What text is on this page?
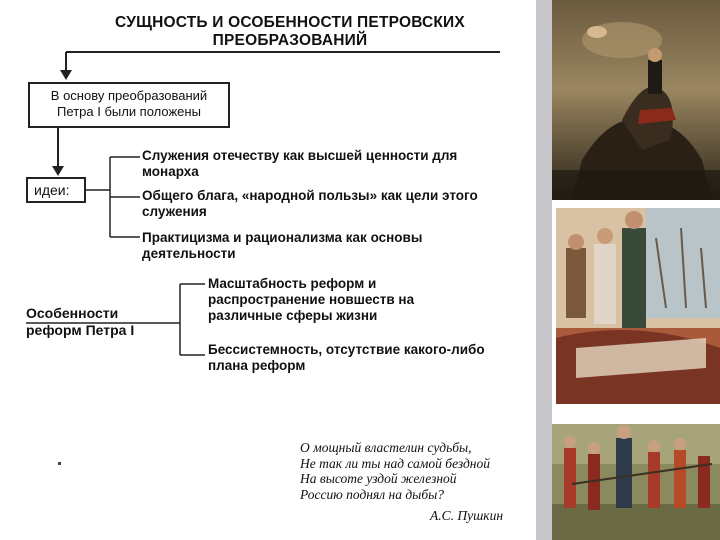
СУЩНОСТЬ И ОСОБЕННОСТИ ПЕТРОВСКИХ
ПРЕОБРАЗОВАНИЙ
В основу преобразований
Петра I были положены
идеи:
Служения отечеству как высшей ценности для
монарха
Общего блага, «народной пользы» как цели этого
служения
Практицизма и рационализма как основы
деятельности
Особенности
реформ Петра I
Масштабность реформ и
распространение новшеств на
различные сферы жизни
Бессистемность, отсутствие какого-либо
плана реформ
О мощный властелин судьбы,
Не так ли ты над самой бездной
На высоте уздой железной
Россию поднял на дыбы?
А.С. Пушкин
